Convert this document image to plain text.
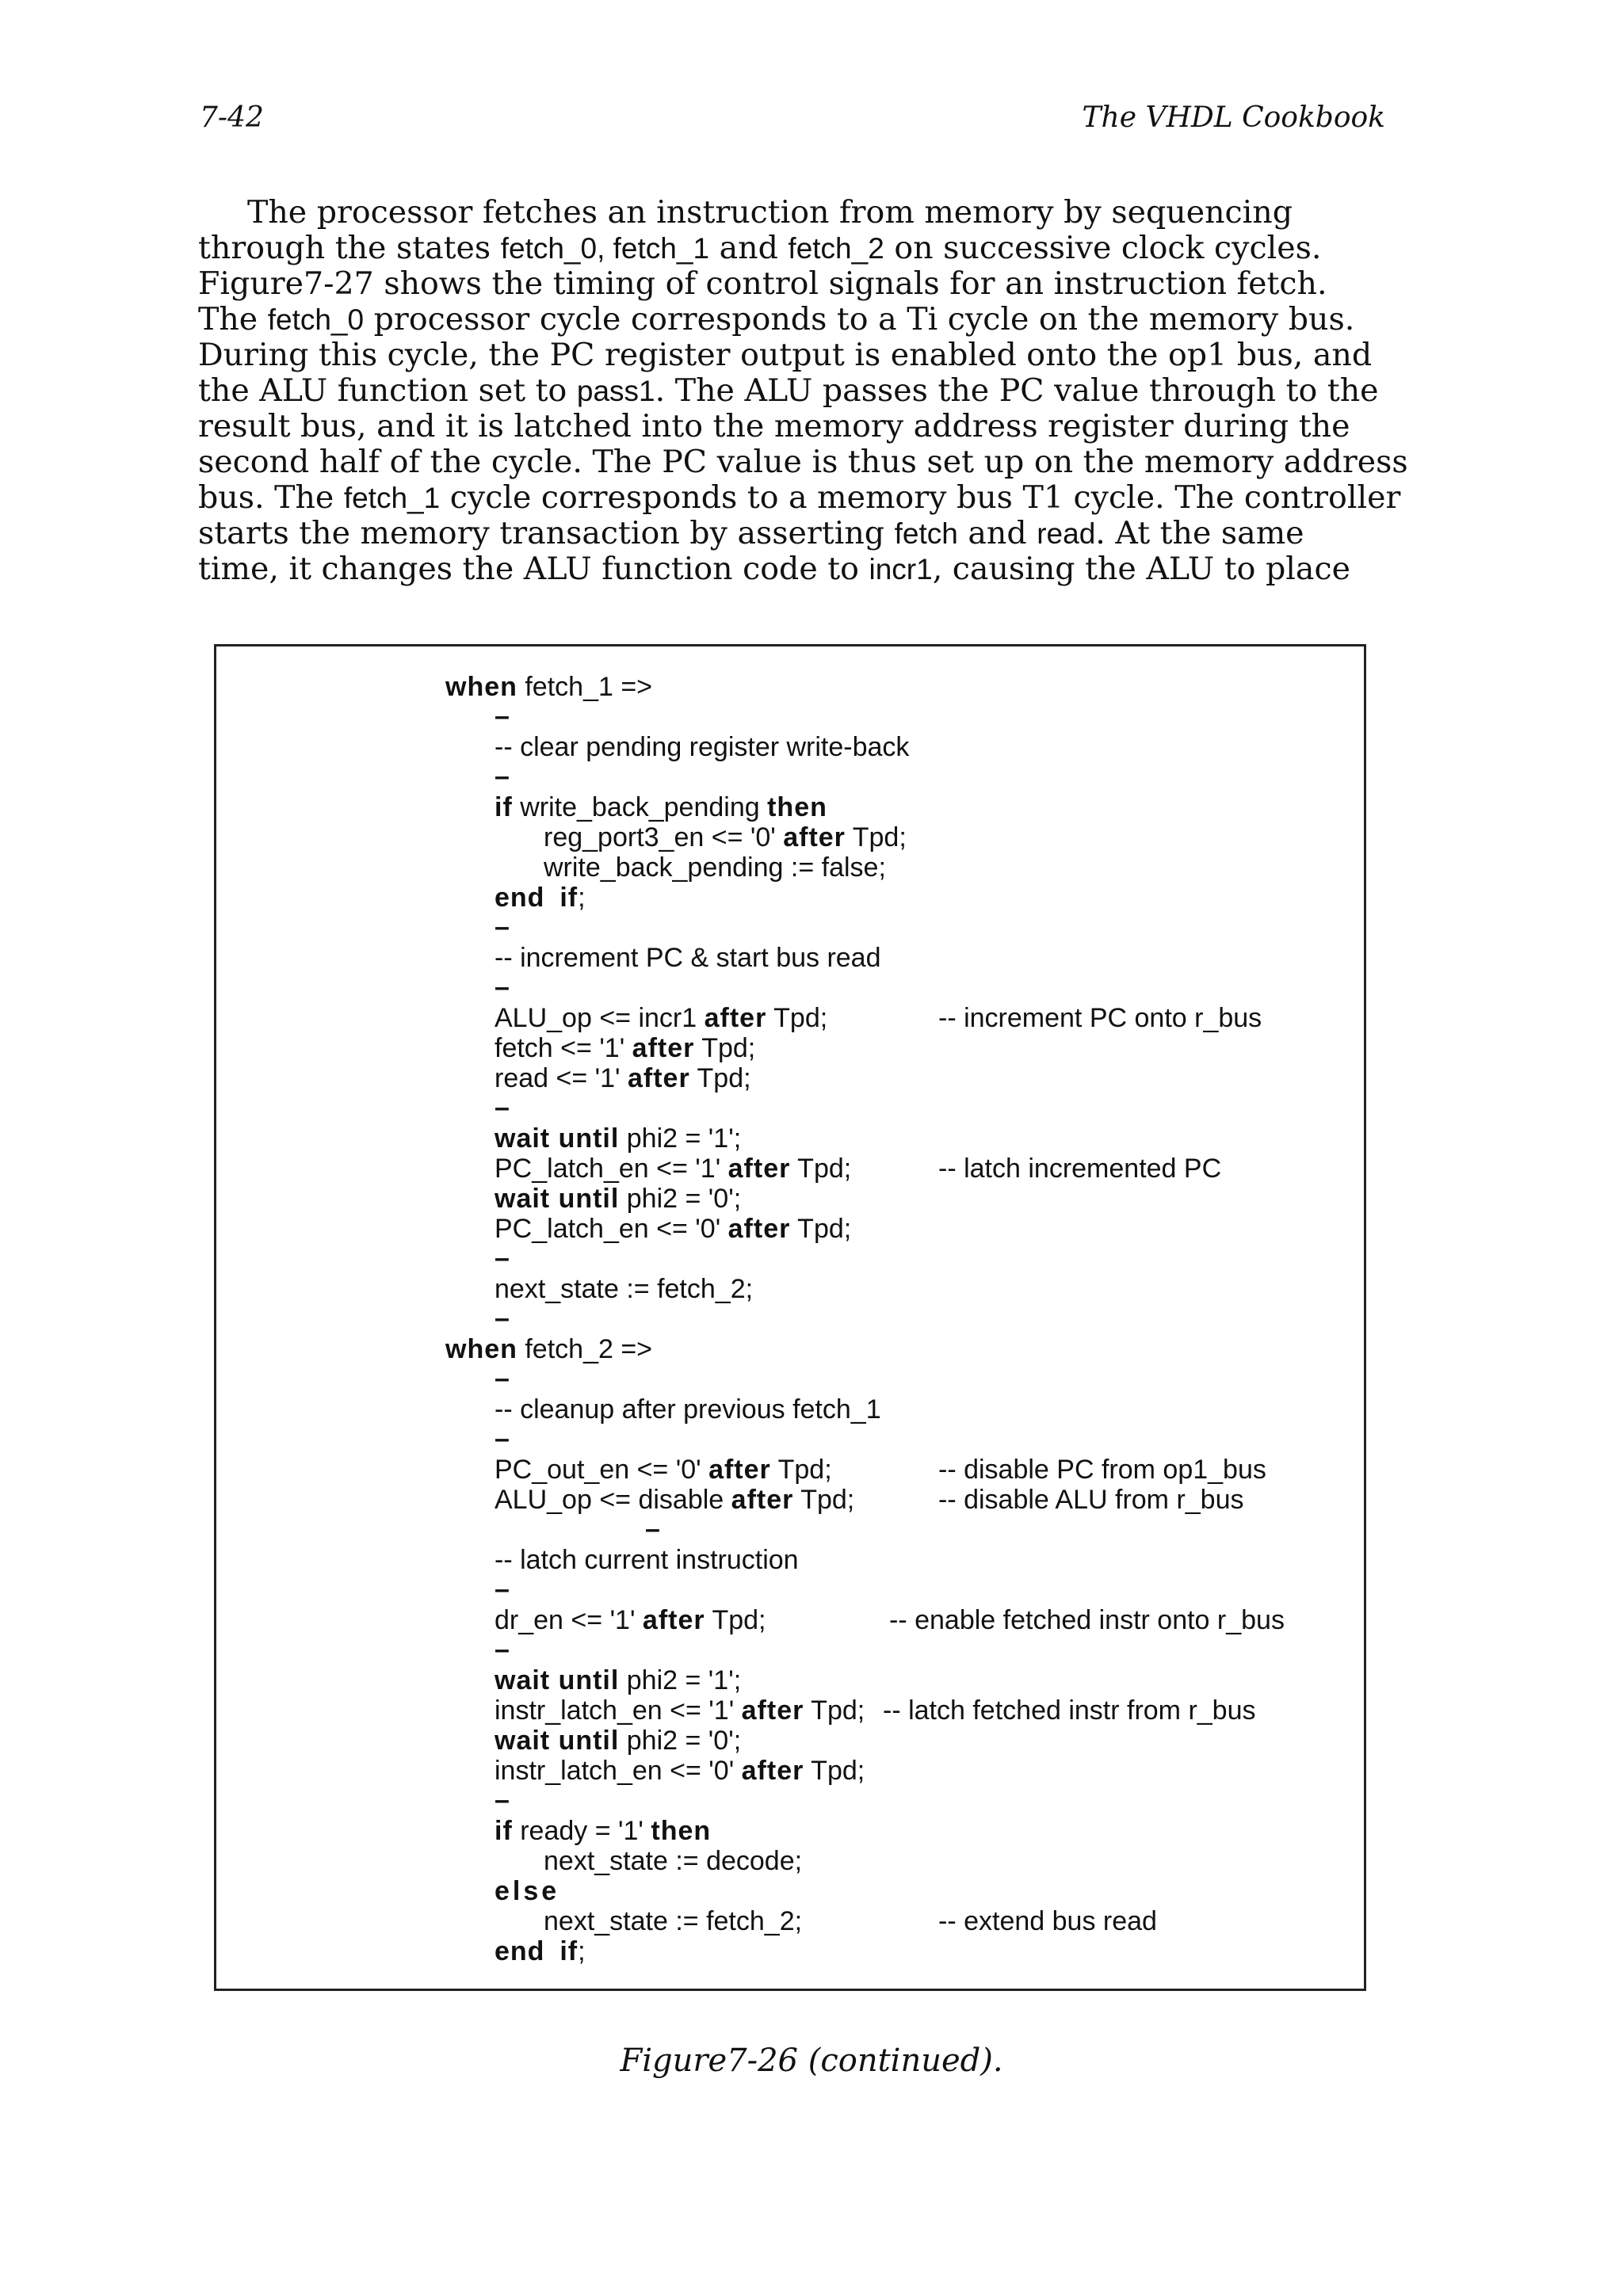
7-42	The VHDL Cookbook
The processor fetches an instruction from memory by sequencing
through the states fetch_0, fetch_1 and fetch_2 on successive clock cycles.
Figure7-27 shows the timing of control signals for an instruction fetch.
The fetch_0 processor cycle corresponds to a Ti cycle on the memory bus.
During this cycle, the PC register output is enabled onto the op1 bus, and
the ALU function set to pass1. The ALU passes the PC value through to the
result bus, and it is latched into the memory address register during the
second half of the cycle. The PC value is thus set up on the memory address
bus. The fetch_1 cycle corresponds to a memory bus T1 cycle. The controller
starts the memory transaction by asserting fetch and read. At the same
time, it changes the ALU function code to incr1, causing the ALU to place
when fetch_1 =>
–
-- clear pending register write-back
–
if write_back_pending then
reg_port3_en <= '0' after Tpd;
write_back_pending := false;
end if;
–
-- increment PC & start bus read
–
ALU_op <= incr1 after Tpd;	-- increment PC onto r_bus
fetch <= '1' after Tpd;
read <= '1' after Tpd;
–
wait until phi2 = '1';
PC_latch_en <= '1' after Tpd;	-- latch incremented PC
wait until phi2 = '0';
PC_latch_en <= '0' after Tpd;
–
next_state := fetch_2;
–
when fetch_2 =>
–
-- cleanup after previous fetch_1
–
PC_out_en <= '0' after Tpd;	-- disable PC from op1_bus
ALU_op <= disable after Tpd;	-- disable ALU from r_bus
–
-- latch current instruction
–
dr_en <= '1' after Tpd;	-- enable fetched instr onto r_bus
–
wait until phi2 = '1';
instr_latch_en <= '1' after Tpd; -- latch fetched instr from r_bus
wait until phi2 = '0';
instr_latch_en <= '0' after Tpd;
–
if ready = '1' then
next_state := decode;
else
next_state := fetch_2;	-- extend bus read
end if;
Figure7-26 (continued).
